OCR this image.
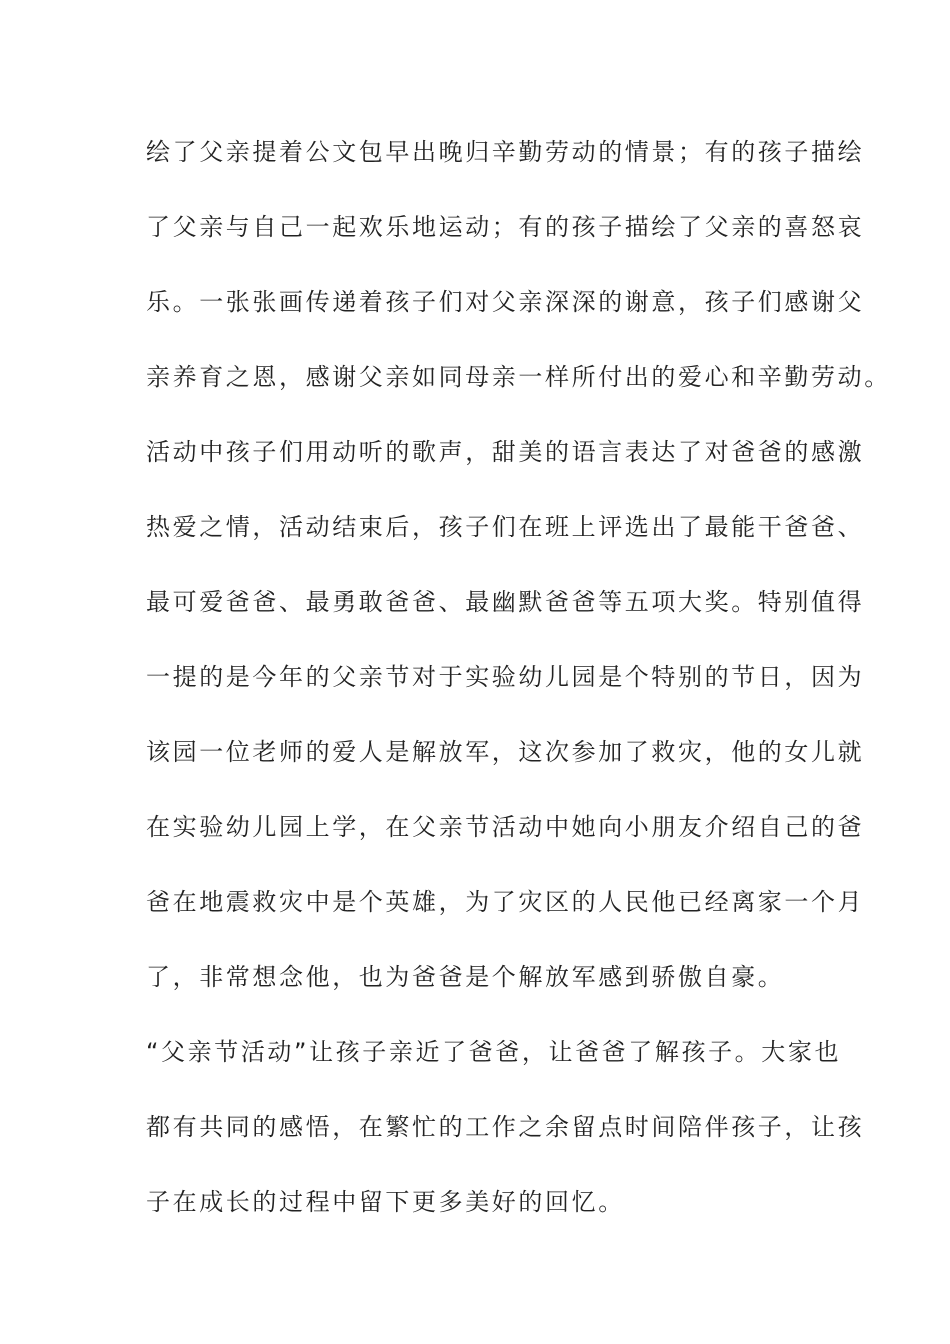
绘了父亲提着公文包早出晚归辛勤劳动的情景；有的孩子描绘
了父亲与自己一起欢乐地运动；有的孩子描绘了父亲的喜怒哀
乐。一张张画传递着孩子们对父亲深深的谢意，孩子们感谢父
亲养育之恩，感谢父亲如同母亲一样所付出的爱心和辛勤劳动。
活动中孩子们用动听的歌声，甜美的语言表达了对爸爸的感激
热爱之情，活动结束后，孩子们在班上评选出了最能干爸爸、
最可爱爸爸、最勇敢爸爸、最幽默爸爸等五项大奖。特别值得
一提的是今年的父亲节对于实验幼儿园是个特别的节日，因为
该园一位老师的爱人是解放军，这次参加了救灾，他的女儿就
在实验幼儿园上学，在父亲节活动中她向小朋友介绍自己的爸
爸在地震救灾中是个英雄，为了灾区的人民他已经离家一个月
了，非常想念他，也为爸爸是个解放军感到骄傲自豪。
“父亲节活动”让孩子亲近了爸爸，让爸爸了解孩子。大家也
都有共同的感悟，在繁忙的工作之余留点时间陪伴孩子，让孩
子在成长的过程中留下更多美好的回忆。
